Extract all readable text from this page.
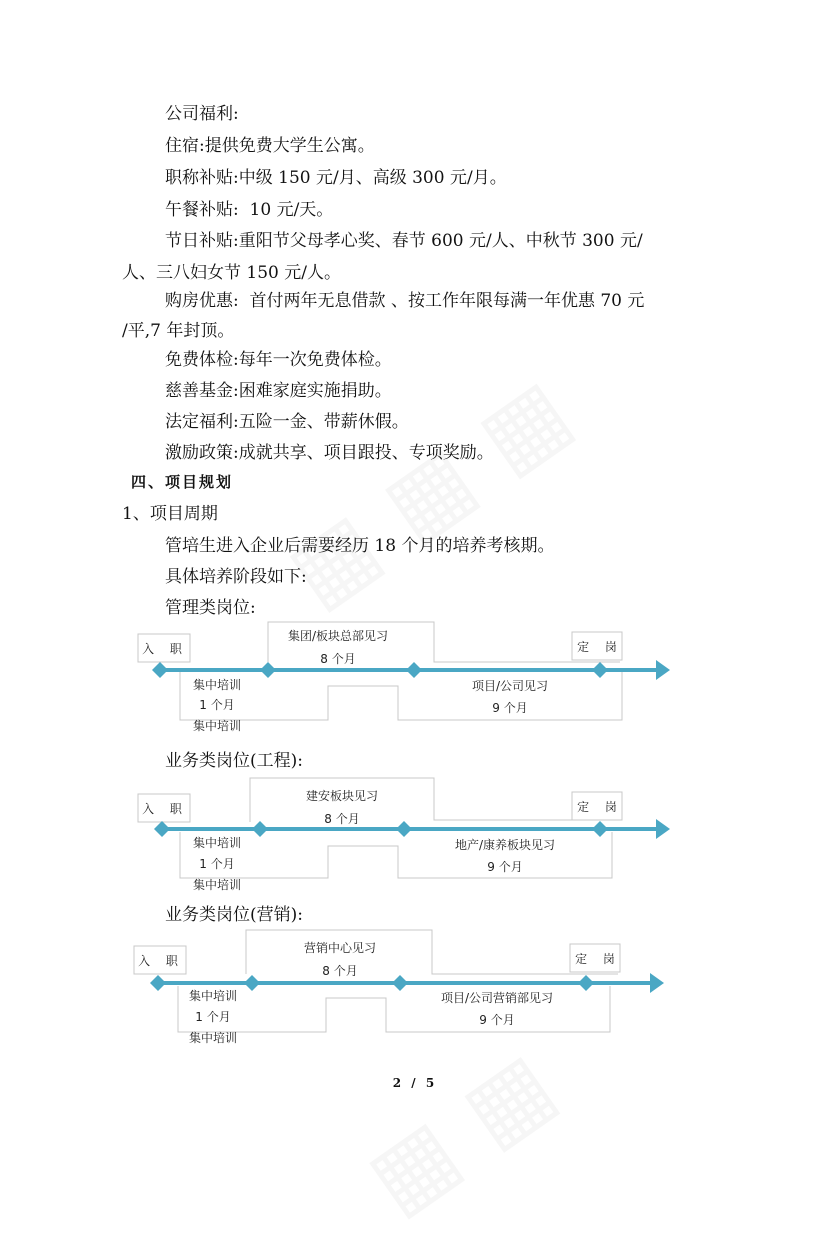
公司福利:
住宿:提供免费大学生公寓。
职称补贴:中级 150 元/月、高级 300 元/月。
午餐补贴:  10 元/天。
节日补贴:重阳节父母孝心奖、春节 600 元/人、中秋节 300 元/
人、三八妇女节 150 元/人。
购房优惠:  首付两年无息借款 、按工作年限每满一年优惠 70 元
/平,7 年封顶。
免费体检:每年一次免费体检。
慈善基金:困难家庭实施捐助。
法定福利:五险一金、带薪休假。
激励政策:成就共享、项目跟投、专项奖励。
四、项目规划
1、项目周期
管培生进入企业后需要经历 18 个月的培养考核期。
具体培养阶段如下:
管理类岗位:
入 职	定 岗
集团/板块总部见习
8 个月
集中培训
1 个月
集中培训
项目/公司见习
9 个月
业务类岗位(工程):
入 职	定 岗
建安板块见习
8 个月
集中培训
1 个月
集中培训
地产/康养板块见习
9 个月
业务类岗位(营销):
入 职	定 岗
营销中心见习
8 个月
集中培训
1 个月
集中培训
项目/公司营销部见习
9 个月
2 / 5
